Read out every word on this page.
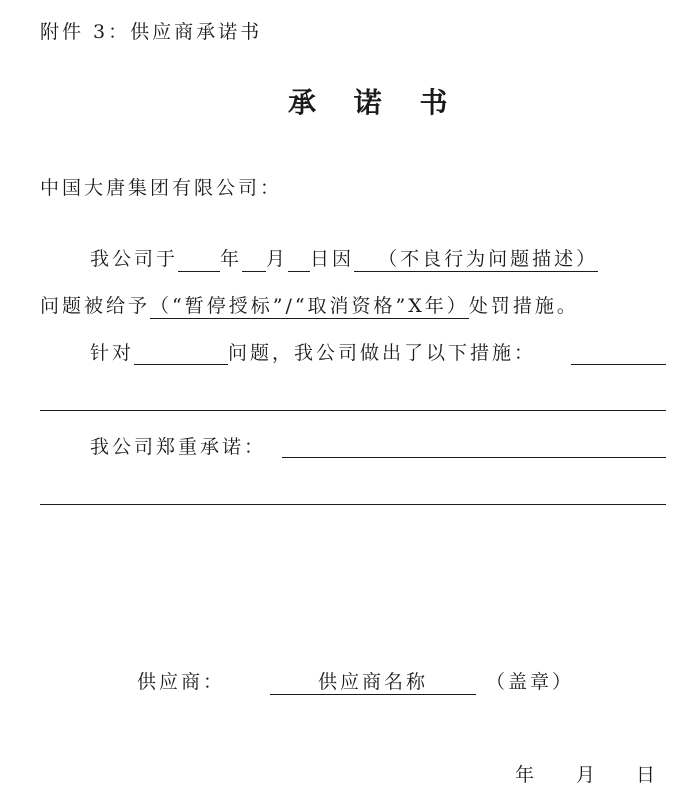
附件 3：供应商承诺书
承 诺 书
中国大唐集团有限公司：
我公司于 年 月 日因 （不良行为问题描述）
问题被给予（“暂停授标”/“取消资格”X年）处罚措施。
针对	问题，我公司做出了以下措施：
我公司郑重承诺：
供应商：	供应商名称	（盖章）
年 月 日
